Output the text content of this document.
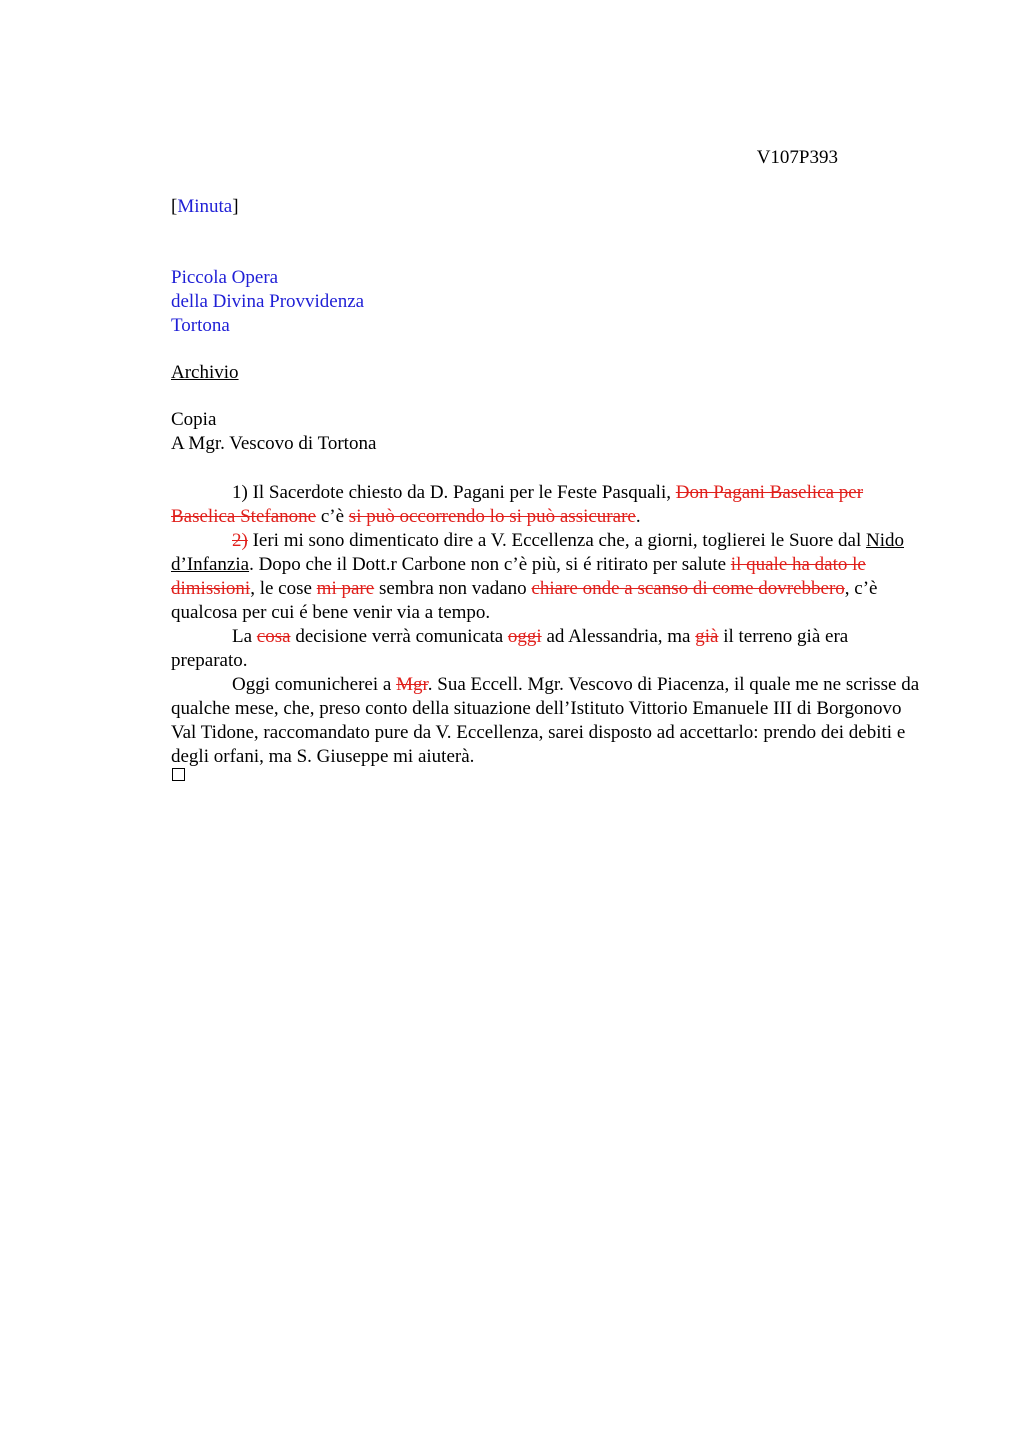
V107P393
[Minuta]
Piccola Opera
della Divina Provvidenza
Tortona
Archivio
Copia
A Mgr. Vescovo di Tortona
1) Il Sacerdote chiesto da D. Pagani per le Feste Pasquali, Don Pagani Baselica per Baselica Stefanone c’è si può occorrendo lo si può assicurare.
2) Ieri mi sono dimenticato dire a V. Eccellenza che, a giorni, toglierei le Suore dal Nido d’Infanzia. Dopo che il Dott.r Carbone non c’è più, si é ritirato per salute il quale ha dato le dimissioni, le cose mi pare sembra non vadano chiare onde a scanso di come dovrebbero, c’è qualcosa per cui é bene venir via a tempo.
La cosa decisione verrà comunicata oggi ad Alessandria, ma già il terreno già era preparato.
Oggi comunicherei a Mgr. Sua Eccell. Mgr. Vescovo di Piacenza, il quale me ne scrisse da qualche mese, che, preso conto della situazione dell’Istituto Vittorio Emanuele III di Borgonovo Val Tidone, raccomandato pure da V. Eccellenza, sarei disposto ad accettarlo: prendo dei debiti e degli orfani, ma S. Giuseppe mi aiuterà.
